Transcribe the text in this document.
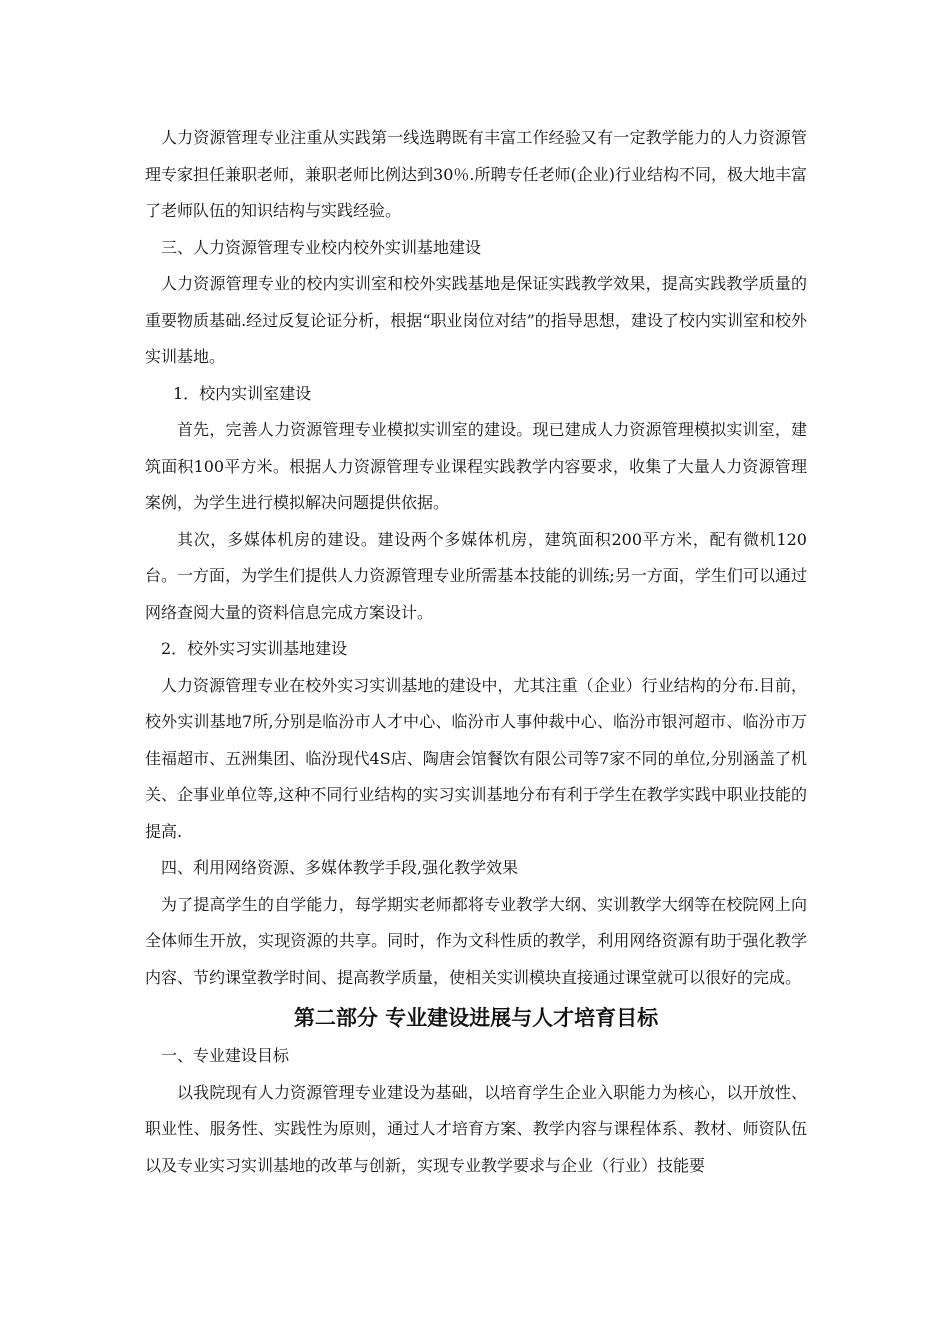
人力资源管理专业注重从实践第一线选聘既有丰富工作经验又有一定教学能力的人力资源管理专家担任兼职老师，兼职老师比例达到30％.所聘专任老师(企业)行业结构不同，极大地丰富了老师队伍的知识结构与实践经验。

三、人力资源管理专业校内校外实训基地建设

人力资源管理专业的校内实训室和校外实践基地是保证实践教学效果，提高实践教学质量的重要物质基础.经过反复论证分析，根据“职业岗位对结”的指导思想，建设了校内实训室和校外实训基地。

1．校内实训室建设

首先，完善人力资源管理专业模拟实训室的建设。现已建成人力资源管理模拟实训室，建筑面积100平方米。根据人力资源管理专业课程实践教学内容要求，收集了大量人力资源管理案例，为学生进行模拟解决问题提供依据。

其次，多媒体机房的建设。建设两个多媒体机房，建筑面积200平方米，配有微机120台。一方面，为学生们提供人力资源管理专业所需基本技能的训练;另一方面，学生们可以通过网络查阅大量的资料信息完成方案设计。

2．校外实习实训基地建设

人力资源管理专业在校外实习实训基地的建设中，尤其注重（企业）行业结构的分布.目前，校外实训基地7所,分别是临汾市人才中心、临汾市人事仲裁中心、临汾市银河超市、临汾市万佳福超市、五洲集团、临汾现代4S店、陶唐会馆餐饮有限公司等7家不同的单位,分别涵盖了机关、企事业单位等,这种不同行业结构的实习实训基地分布有利于学生在教学实践中职业技能的提高.

四、利用网络资源、多媒体教学手段,强化教学效果

为了提高学生的自学能力，每学期实老师都将专业教学大纲、实训教学大纲等在校院网上向全体师生开放，实现资源的共享。同时，作为文科性质的教学，利用网络资源有助于强化教学内容、节约课堂教学时间、提高教学质量，使相关实训模块直接通过课堂就可以很好的完成。

第二部分 专业建设进展与人才培育目标

一、专业建设目标

以我院现有人力资源管理专业建设为基础，以培育学生企业入职能力为核心，以开放性、职业性、服务性、实践性为原则，通过人才培育方案、教学内容与课程体系、教材、师资队伍以及专业实习实训基地的改革与创新，实现专业教学要求与企业（行业）技能要
